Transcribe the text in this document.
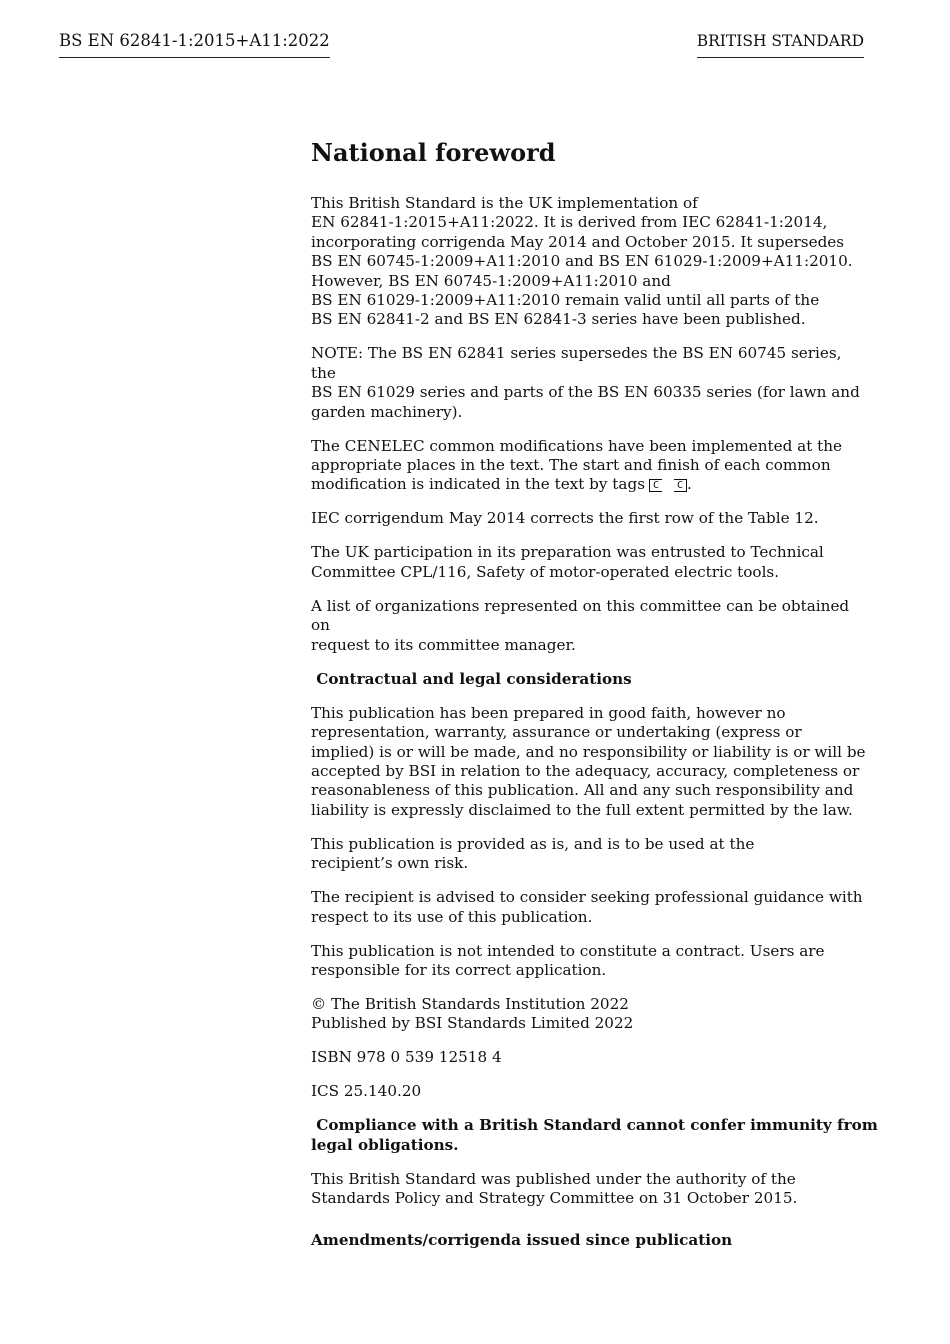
BS EN 62841-1:2015+A11:2022	BRITISH STANDARD
National foreword

This British Standard is the UK implementation of
EN 62841-1:2015+A11:2022. It is derived from IEC 62841-1:2014,
incorporating corrigenda May 2014 and October 2015. It supersedes
BS EN 60745-1:2009+A11:2010 and BS EN 61029-1:2009+A11:2010.
However, BS EN 60745-1:2009+A11:2010 and
BS EN 61029-1:2009+A11:2010 remain valid until all parts of the
BS EN 62841-2 and BS EN 62841-3 series have been published.

NOTE: The BS EN 62841 series supersedes the BS EN 60745 series, the
BS EN 61029 series and parts of the BS EN 60335 series (for lawn and
garden machinery).

The CENELEC common modifications have been implemented at the
appropriate places in the text. The start and finish of each common
modification is indicated in the text by tags C C .

IEC corrigendum May 2014 corrects the first row of the Table 12.

The UK participation in its preparation was entrusted to Technical
Committee CPL/116, Safety of motor-operated electric tools.

A list of organizations represented on this committee can be obtained on
request to its committee manager.

Contractual and legal considerations

This publication has been prepared in good faith, however no
representation, warranty, assurance or undertaking (express or
implied) is or will be made, and no responsibility or liability is or will be
accepted by BSI in relation to the adequacy, accuracy, completeness or
reasonableness of this publication. All and any such responsibility and
liability is expressly disclaimed to the full extent permitted by the law.

This publication is provided as is, and is to be used at the
recipient’s own risk.

The recipient is advised to consider seeking professional guidance with
respect to its use of this publication.

This publication is not intended to constitute a contract. Users are
responsible for its correct application.

© The British Standards Institution 2022
Published by BSI Standards Limited 2022

ISBN 978 0 539 12518 4

ICS 25.140.20

Compliance with a British Standard cannot confer immunity from
legal obligations.

This British Standard was published under the authority of the
Standards Policy and Strategy Committee on 31 October 2015.

Amendments/corrigenda issued since publication
